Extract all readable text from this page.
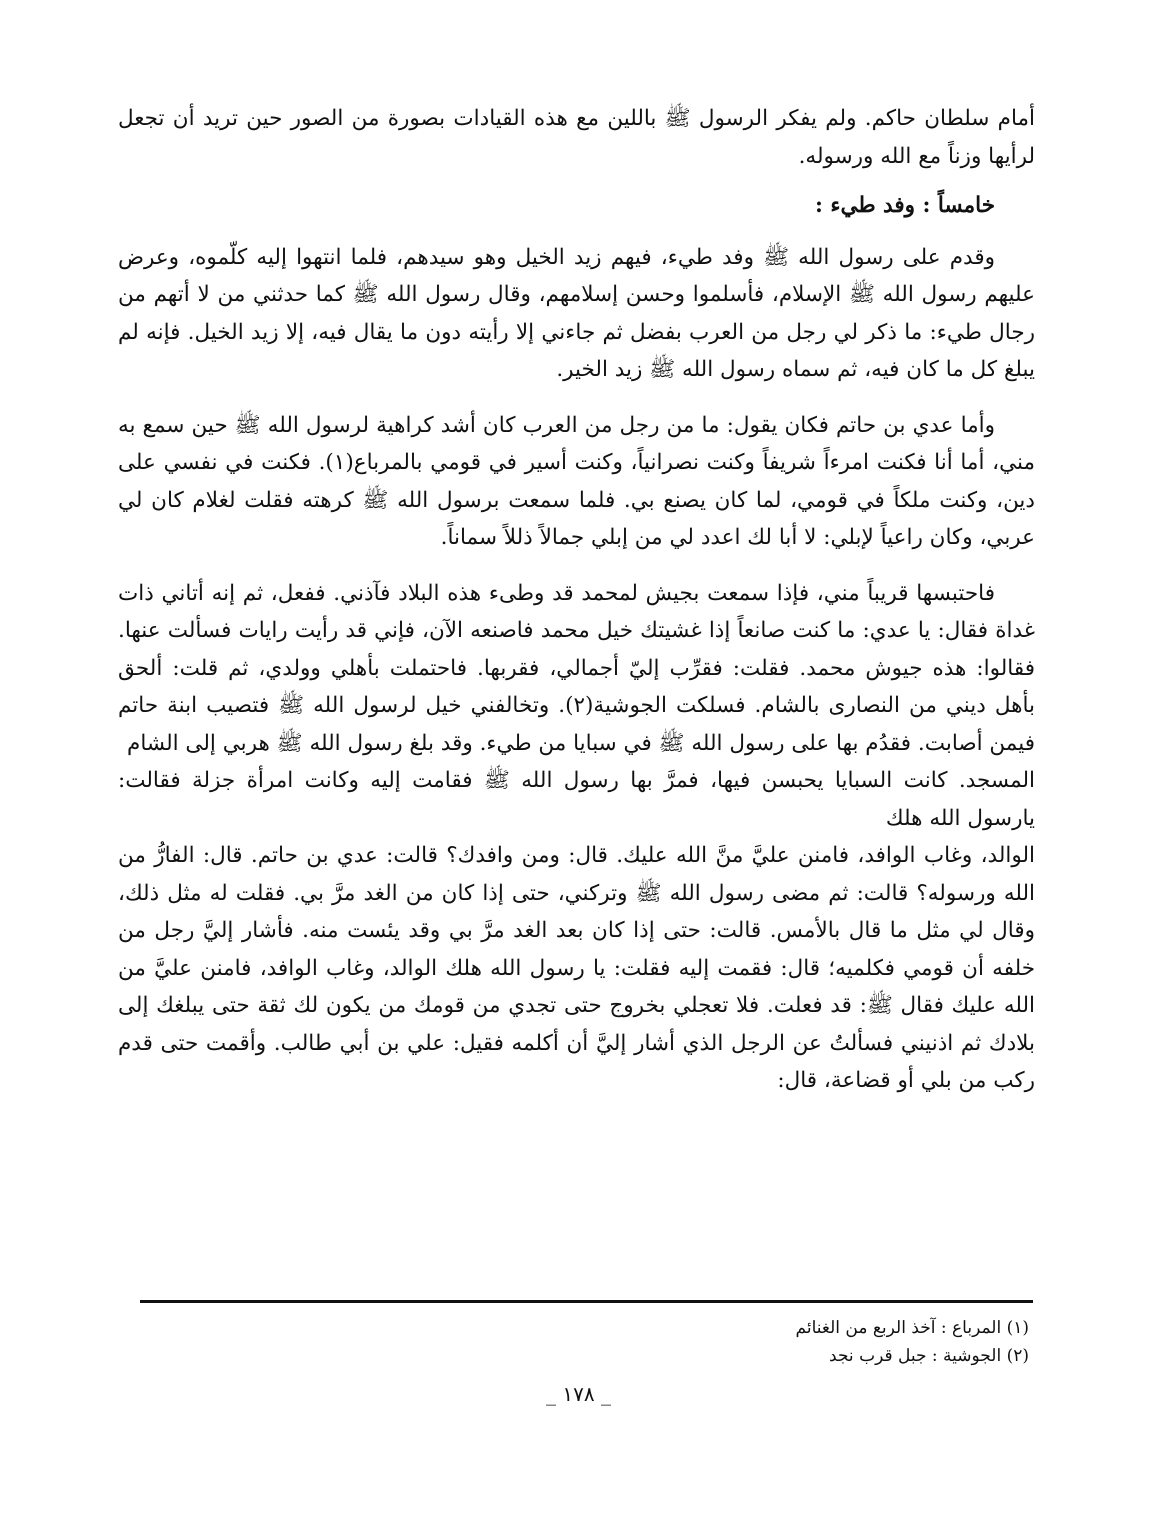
أمام سلطان حاكم. ولم يفكر الرسول ﷺ باللين مع هذه القيادات بصورة من الصور حين تريد أن تجعل لرأيها وزناً مع الله ورسوله.

خامساً : وفد طيء :

وقدم على رسول الله ﷺ وفد طيء، فيهم زيد الخيل وهو سيدهم، فلما انتهوا إليه كلّموه، وعرض عليهم رسول الله ﷺ الإسلام، فأسلموا وحسن إسلامهم، وقال رسول الله ﷺ كما حدثني من لا أتهم من رجال طيء: ما ذكر لي رجل من العرب بفضل ثم جاءني إلا رأيته دون ما يقال فيه، إلا زيد الخيل. فإنه لم يبلغ كل ما كان فيه، ثم سماه رسول الله ﷺ زيد الخير.

وأما عدي بن حاتم فكان يقول: ما من رجل من العرب كان أشد كراهية لرسول الله ﷺ حين سمع به مني، أما أنا فكنت امرءاً شريفاً وكنت نصرانياً، وكنت أسير في قومي بالمرباع(١). فكنت في نفسي على دين، وكنت ملكاً في قومي، لما كان يصنع بي. فلما سمعت برسول الله ﷺ كرهته فقلت لغلام كان لي عربي، وكان راعياً لإبلي: لا أبا لك اعدد لي من إبلي جمالاً ذللاً سماناً.

فاحتبسها قريباً مني، فإذا سمعت بجيش لمحمد قد وطىء هذه البلاد فآذني. ففعل، ثم إنه أتاني ذات غداة فقال: يا عدي: ما كنت صانعاً إذا غشيتك خيل محمد فاصنعه الآن، فإني قد رأيت رايات فسألت عنها. فقالوا: هذه جيوش محمد. فقلت: فقرِّب إليّ أجمالي، فقربها. فاحتملت بأهلي وولدي، ثم قلت: ألحق بأهل ديني من النصارى بالشام. فسلكت الجوشية(٢). وتخالفني خيل لرسول الله ﷺ فتصيب ابنة حاتم فيمن أصابت. فقدُم بها على رسول الله ﷺ في سبايا من طيء. وقد بلغ رسول الله ﷺ هربي إلى الشام

المسجد. كانت السبايا يحبسن فيها، فمرَّ بها رسول الله ﷺ فقامت إليه وكانت امرأة جزلة فقالت: يارسول الله هلك

الوالد، وغاب الوافد، فامنن عليَّ منَّ الله عليك. قال: ومن وافدك؟ قالت: عدي بن حاتم. قال: الفارُّ من الله ورسوله؟ قالت: ثم مضى رسول الله ﷺ وتركني، حتى إذا كان من الغد مرَّ بي. فقلت له مثل ذلك، وقال لي مثل ما قال بالأمس. قالت: حتى إذا كان بعد الغد مرَّ بي وقد يئست منه. فأشار إليَّ رجل من خلفه أن قومي فكلميه؛ قال: فقمت إليه فقلت: يا رسول الله هلك الوالد، وغاب الوافد، فامنن عليَّ من الله عليك فقال ﷺ: قد فعلت. فلا تعجلي بخروج حتى تجدي من قومك من يكون لك ثقة حتى يبلغك إلى بلادك ثم اذنيني فسألتُ عن الرجل الذي أشار إليَّ أن أكلمه فقيل: علي بن أبي طالب. وأقمت حتى قدم ركب من بلي أو قضاعة، قال:

(١) المرباع : آخذ الربع من الغنائم

(٢) الجوشية : جبل قرب نجد

_ ١٧٨ _
